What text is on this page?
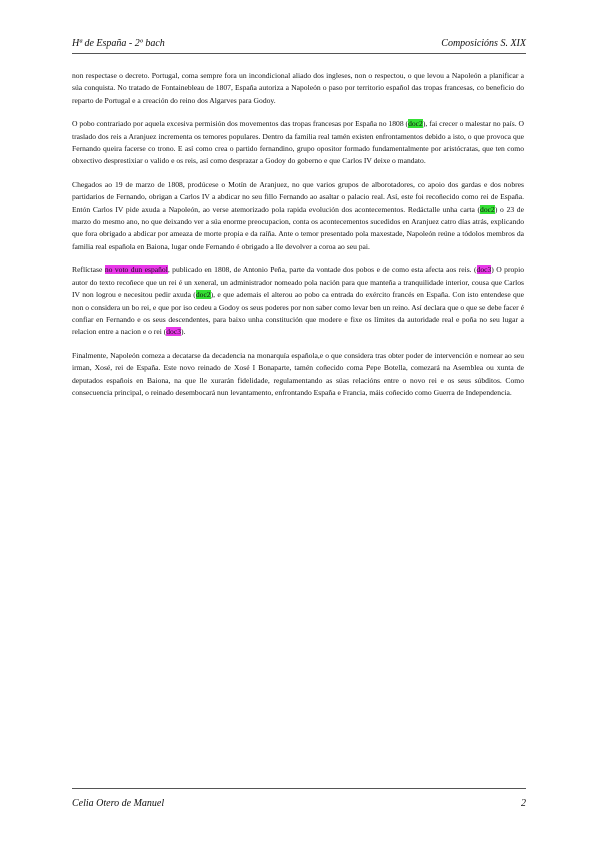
Hª de España - 2º bach	Composicións S. XIX

non respectase o decreto. Portugal, coma sempre fora un incondicional aliado dos ingleses, non o respectou, o que levou a Napoleón a planificar a súa conquista. No tratado de Fontainebleau de 1807, España autoriza a Napoleón o paso por territorio español das tropas francesas, co beneficio do reparto de Portugal e a creación do reino dos Algarves para Godoy.

O pobo contrariado por aquela excesiva permisión dos movementos das tropas francesas por España no 1808 (doc2), fai crecer o malestar no país. O traslado dos reis a Aranjuez incrementa os temores populares. Dentro da familia real tamén existen enfrontamentos debido a isto, o que provoca que Fernando queira facerse co trono. E así como crea o partido fernandino, grupo opositor formado fundamentalmente por aristócratas, que ten como obxectivo desprestixiar o valido e os reis, así como desprazar a Godoy do goberno e que Carlos IV deixe o mandato.

Chegados ao 19 de marzo de 1808, prodúcese o Motín de Aranjuez, no que varios grupos de alborotadores, co apoio dos gardas e dos nobres partidarios de Fernando, obrigan a Carlos IV a abdicar no seu fillo Fernando ao asaltar o palacio real. Así, este foi recoñecido como rei de España. Entón Carlos IV pide axuda a Napoleón, ao verse atemorizado pola rapida evolución dos acontecementos. Redáctalle unha carta (doc2) o 23 de marzo do mesmo ano, no que deixando ver a súa enorme preocupacion, conta os acontecementos sucedidos en Aranjuez catro días atrás, explicando que fora obrigado a abdicar por ameaza de morte propia e da raíña. Ante o temor presentado pola maxestade, Napoleón reúne a tódolos membros da familia real española en Baiona, lugar onde Fernando é obrigado a lle devolver a coroa ao seu pai.

Reflíctase no voto dun español, publicado en 1808, de Antonio Peña, parte da vontade dos pobos e de como esta afecta aos reis. (doc3) O propio autor do texto recoñece que un rei é un xeneral, un administrador nomeado pola nación para que manteña a tranquilidade interior, cousa que Carlos IV non logrou e necesitou pedir axuda (doc2), e que ademais el alterou ao pobo ca entrada do exército francés en España. Con isto entendese que non o considera un bo rei, e que por iso cedeu a Godoy os seus poderes por non saber como levar ben un reino. Así declara que o que se debe facer é confiar en Fernando e os seus descendentes, para baixo unha constitución que modere e fixe os límites da autoridade real e poña no seu lugar a relacion entre a nacion e o rei (doc3).

Finalmente, Napoleón comeza a decatarse da decadencia na monarquía española,e o que considera tras obter poder de intervención e nomear ao seu irman, Xosé, rei de España. Este novo reinado de Xosé I Bonaparte, tamén coñecido coma Pepe Botella, comezará na Asemblea ou xunta de deputados españois en Baiona, na que lle xurarán fidelidade, regulamentando as súas relacións entre o novo rei e os seus súbditos. Como consecuencia principal, o reinado desembocará nun levantamento, enfrontando España e Francia, máis coñecido como Guerra de Independencia.

Celia Otero de Manuel	2
